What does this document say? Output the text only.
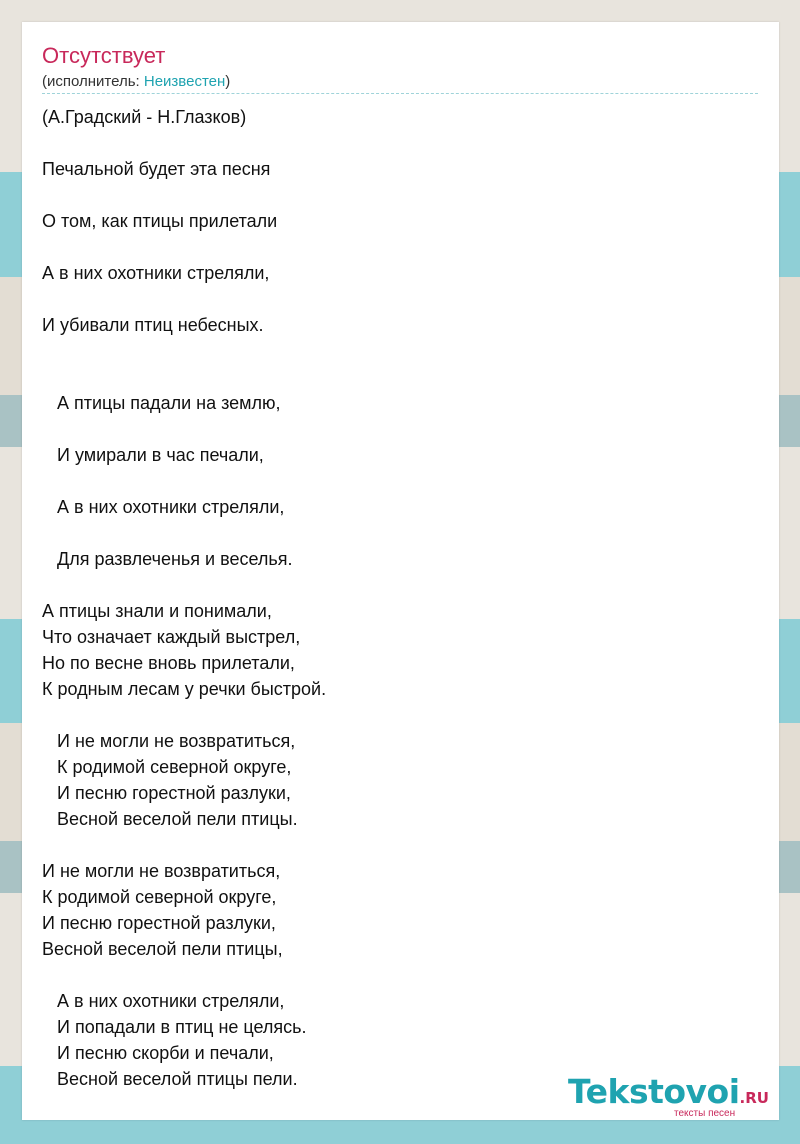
Отсутствует
(исполнитель: Неизвестен)
(А.Градский - Н.Глазков)
Печальной будет эта песня
О том, как птицы прилетали
А в них охотники стреляли,
И убивали птиц небесных.
А птицы падали на землю,
И умирали в час печали,
А в них охотники стреляли,
Для развлеченья и веселья.
А птицы знали и понимали,
Что означает каждый выстрел,
Но по весне вновь прилетали,
К родным лесам у речки быстрой.
И не могли не возвратиться,
К родимой северной округе,
И песню горестной разлуки,
Весной веселой пели птицы.
И не могли не возвратиться,
К родимой северной округе,
И песню горестной разлуки,
Весной веселой пели птицы,
А в них охотники стреляли,
И попадали в птиц не целясь.
И песню скорби и печали,
Весной веселой птицы пели.	Tekstovoi.RU
тексты песен
